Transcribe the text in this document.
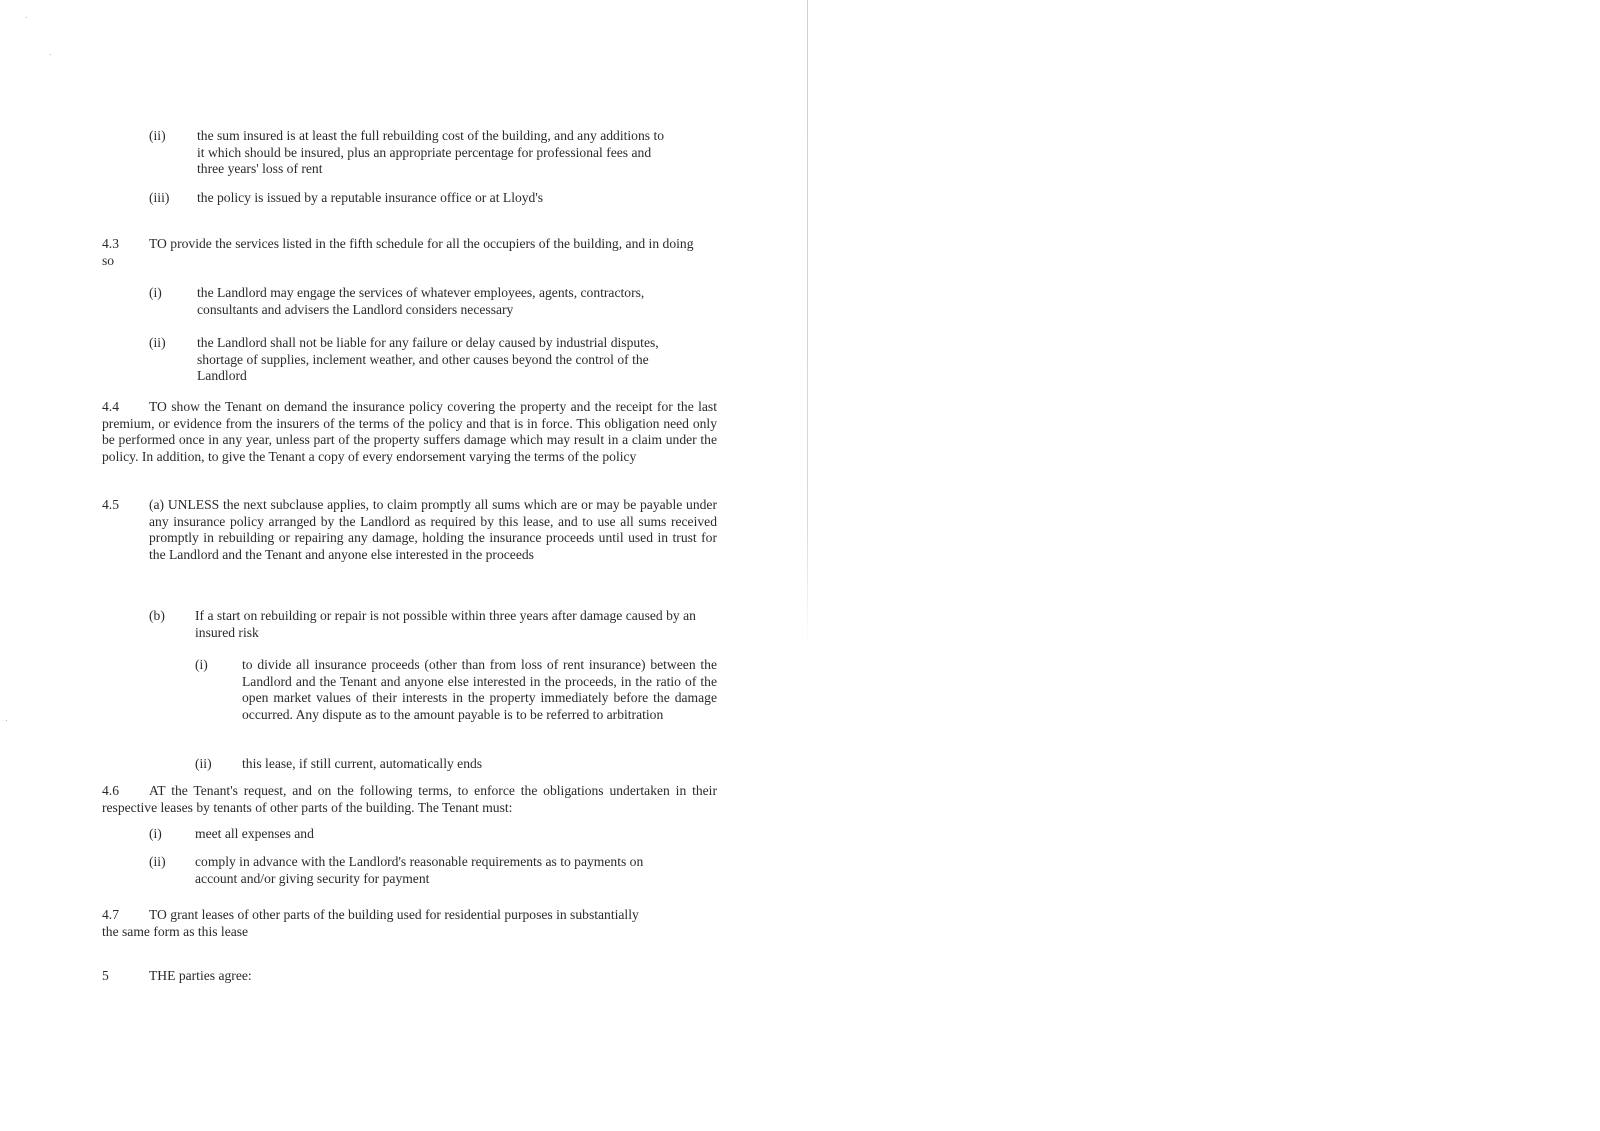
(ii) the sum insured is at least the full rebuilding cost of the building, and any additions to it which should be insured, plus an appropriate percentage for professional fees and three years' loss of rent
(iii) the policy is issued by a reputable insurance office or at Lloyd's
4.3	TO provide the services listed in the fifth schedule for all the occupiers of the building, and in doing so
(i)	the Landlord may engage the services of whatever employees, agents, contractors, consultants and advisers the Landlord considers necessary
(ii) the Landlord shall not be liable for any failure or delay caused by industrial disputes, shortage of supplies, inclement weather, and other causes beyond the control of the Landlord
4.4	TO show the Tenant on demand the insurance policy covering the property and the receipt for the last premium, or evidence from the insurers of the terms of the policy and that is in force. This obligation need only be performed once in any year, unless part of the property suffers damage which may result in a claim under the policy. In addition, to give the Tenant a copy of every endorsement varying the terms of the policy
4.5 (a) UNLESS the next subclause applies, to claim promptly all sums which are or may be payable under any insurance policy arranged by the Landlord as required by this lease, and to use all sums received promptly in rebuilding or repairing any damage, holding the insurance proceeds until used in trust for the Landlord and the Tenant and anyone else interested in the proceeds
(b) If a start on rebuilding or repair is not possible within three years after damage caused by an insured risk
(i)	to divide all insurance proceeds (other than from loss of rent insurance) between the Landlord and the Tenant and anyone else interested in the proceeds, in the ratio of the open market values of their interests in the property immediately before the damage occurred. Any dispute as to the amount payable is to be referred to arbitration
(ii) this lease, if still current, automatically ends
4.6	AT the Tenant's request, and on the following terms, to enforce the obligations undertaken in their respective leases by tenants of other parts of the building. The Tenant must:
(i) meet all expenses and
(ii) comply in advance with the Landlord's reasonable requirements as to payments on account and/or giving security for payment
4.7	TO grant leases of other parts of the building used for residential purposes in substantially the same form as this lease
5	THE parties agree:
